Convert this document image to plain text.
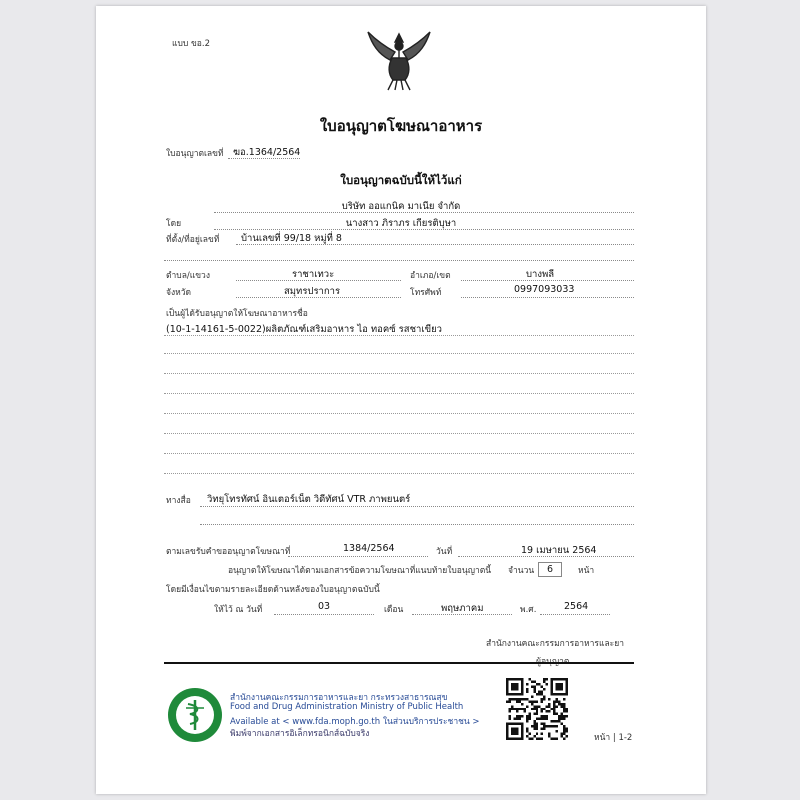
แบบ ขอ.2
ใบอนุญาตโฆษณาอาหาร
ใบอนุญาตเลขที่ ฆอ.1364/2564
ใบอนุญาตฉบับนี้ให้ไว้แก่
บริษัท ออแกนิค มาเนีย จำกัด
โดย	นางสาว ภิราภร เกียรติบุษา
ที่ตั้ง/ที่อยู่เลขที่ บ้านเลขที่ 99/18 หมู่ที่ 8
ตำบล/แขวง	ราชาเทวะ	อำเภอ/เขต	บางพลี
จังหวัด	สมุทรปราการ	โทรศัพท์	0997093033
เป็นผู้ได้รับอนุญาตให้โฆษณาอาหารชื่อ
(10-1-14161-5-0022)ผลิตภัณฑ์เสริมอาหาร ไอ ทอคซ์ รสชาเขียว
ทางสื่อ วิทยุโทรทัศน์ อินเตอร์เน็ต วิดีทัศน์ VTR ภาพยนตร์
ตามเลขรับคำขออนุญาตโฆษณาที่	1384/2564	วันที่	19 เมษายน 2564
อนุญาตให้โฆษณาได้ตามเอกสารข้อความโฆษณาที่แนบท้ายใบอนุญาตนี้ จำนวน	6	หน้า
โดยมีเงื่อนไขตามรายละเอียดด้านหลังของใบอนุญาตฉบับนี้
ให้ไว้ ณ วันที่	03	เดือน	พฤษภาคม	พ.ศ.	2564
สำนักงานคณะกรรมการอาหารและยา
ผู้อนุญาต
สำนักงานคณะกรรมการอาหารและยา กระทรวงสาธารณสุข
Food and Drug Administration Ministry of Public Health
Available at < www.fda.moph.go.th ในส่วนบริการประชาชน >
พิมพ์จากเอกสารอิเล็กทรอนิกส์ฉบับจริง	หน้า | 1-2
